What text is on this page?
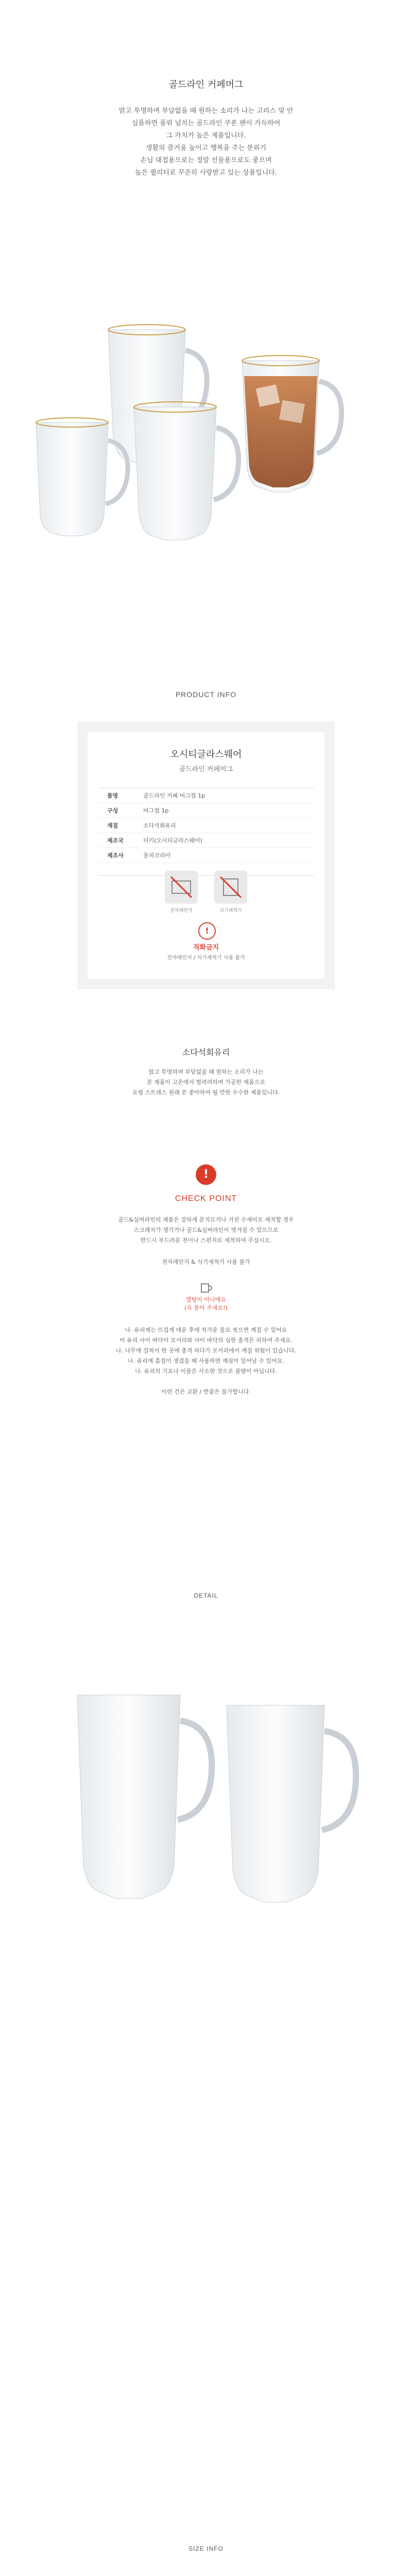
골드라인 커페머그
맑고 투명하며 부담없을 때 원하는 소리가 나는 고리스 및 안
심플하면 품위 넘치는 골드라인 쿠폰 팬이 가득하여
그 가치가 높은 제품입니다.
생활의 즐거움 높이고 행복을 주는 분위기
손님 대접용으로는 정말 선물용으로도 좋으며
높은 퀄리티로 꾸준히 사랑받고 있는 상품입니다.
PRODUCT INFO
오시티글라스웨어
골드라인 커페머그
품명	골드라인 커페 머그컵 1p
구성	머그컵 1p
재질	소다석회유리
제조국	터키(오시티글라스웨어)
제조사	몽피코리아
전자레인지	식기세척기
!
직화금지
전자레인지 / 식기세척기 사용 불가
소다석회유리
맑고 투명하며 부담없을 때 원하는 소리가 나는
본 제품이 고온에서 벌려려하며 가공한 제품으로
요령 스트레스 원래 분 좋아하여 될 만한 우수한 제품입니다.
!
CHECK POINT
골드&실버라인의 제품은 강하게 문지르거나 거친 수세미로 세척할 경우
스크래치가 생기거나 골드&실버라인이 벗겨질 수 있으므로
반드시 부드러운 천이나 스펀지로 세척하여 주십시오.
전자레인지 & 식기세척기 사용 불가
열탕이 아니에요
(옥 봉어 주세요!)
나. 유리제는 뜨겁게 데운 후에 차가운 물로 씻으면 깨질 수 있어요
이 유리 사이 바닥이 모서리와 사이 바닥의 심한 충격은 피하여 주세요.
나. 나무에 걸쳐서 한 곳에 충격 하다가 모서리에서 깨질 위험이 있습니다.
나. 유리에 흠집이 생겼을 때 사용하면 깨짐이 일어날 수 있어요.
나. 유리의 기포나 이물은 사소한 것으로 불량이 아닙니다.
이런 건은 교환 / 반품은 불가합니다.
DETAIL
SIZE INFO
